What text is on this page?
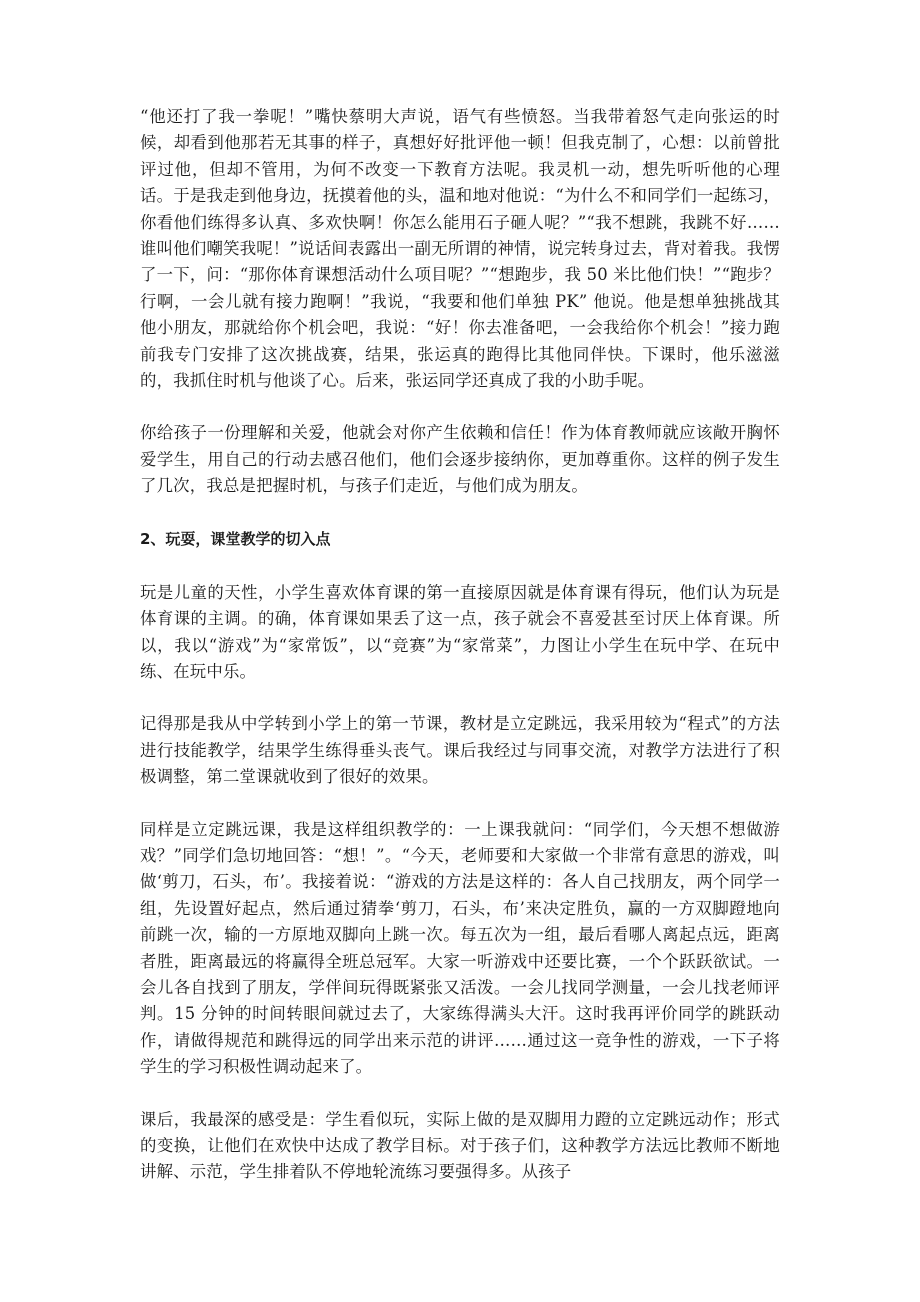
“他还打了我一拳呢！”嘴快蔡明大声说，语气有些愤怒。当我带着怒气走向张运的时候，却看到他那若无其事的样子，真想好好批评他一顿！但我克制了，心想：以前曾批评过他，但却不管用，为何不改变一下教育方法呢。我灵机一动，想先听听他的心理话。于是我走到他身边，抚摸着他的头，温和地对他说：“为什么不和同学们一起练习，你看他们练得多认真、多欢快啊！你怎么能用石子砸人呢？”“我不想跳，我跳不好……谁叫他们嘲笑我呢！”说话间表露出一副无所谓的神情，说完转身过去，背对着我。我愣了一下，问：“那你体育课想活动什么项目呢？”“想跑步，我 50 米比他们快！”“跑步？行啊，一会儿就有接力跑啊！”我说，“我要和他们单独 PK” 他说。他是想单独挑战其他小朋友，那就给你个机会吧，我说：“好！你去准备吧，一会我给你个机会！”接力跑前我专门安排了这次挑战赛，结果，张运真的跑得比其他同伴快。下课时，他乐滋滋的，我抓住时机与他谈了心。后来，张运同学还真成了我的小助手呢。

你给孩子一份理解和关爱，他就会对你产生依赖和信任！作为体育教师就应该敞开胸怀爱学生，用自己的行动去感召他们，他们会逐步接纳你，更加尊重你。这样的例子发生了几次，我总是把握时机，与孩子们走近，与他们成为朋友。

2、玩耍，课堂教学的切入点

玩是儿童的天性，小学生喜欢体育课的第一直接原因就是体育课有得玩，他们认为玩是体育课的主调。的确，体育课如果丢了这一点，孩子就会不喜爱甚至讨厌上体育课。所以，我以“游戏”为“家常饭”，以“竞赛”为“家常菜”，力图让小学生在玩中学、在玩中练、在玩中乐。

记得那是我从中学转到小学上的第一节课，教材是立定跳远，我采用较为“程式”的方法进行技能教学，结果学生练得垂头丧气。课后我经过与同事交流，对教学方法进行了积极调整，第二堂课就收到了很好的效果。

同样是立定跳远课，我是这样组织教学的：一上课我就问：“同学们，今天想不想做游戏？”同学们急切地回答：“想！”。“今天，老师要和大家做一个非常有意思的游戏，叫做‘剪刀，石头，布’。我接着说：“游戏的方法是这样的：各人自己找朋友，两个同学一组，先设置好起点，然后通过猜拳‘剪刀，石头，布’来决定胜负，赢的一方双脚蹬地向前跳一次，输的一方原地双脚向上跳一次。每五次为一组，最后看哪人离起点远，距离者胜，距离最远的将赢得全班总冠军。大家一听游戏中还要比赛，一个个跃跃欲试。一会儿各自找到了朋友，学伴间玩得既紧张又活泼。一会儿找同学测量，一会儿找老师评判。15 分钟的时间转眼间就过去了，大家练得满头大汗。这时我再评价同学的跳跃动作，请做得规范和跳得远的同学出来示范的讲评……通过这一竞争性的游戏，一下子将学生的学习积极性调动起来了。

课后，我最深的感受是：学生看似玩，实际上做的是双脚用力蹬的立定跳远动作；形式的变换，让他们在欢快中达成了教学目标。对于孩子们，这种教学方法远比教师不断地讲解、示范，学生排着队不停地轮流练习要强得多。从孩子
